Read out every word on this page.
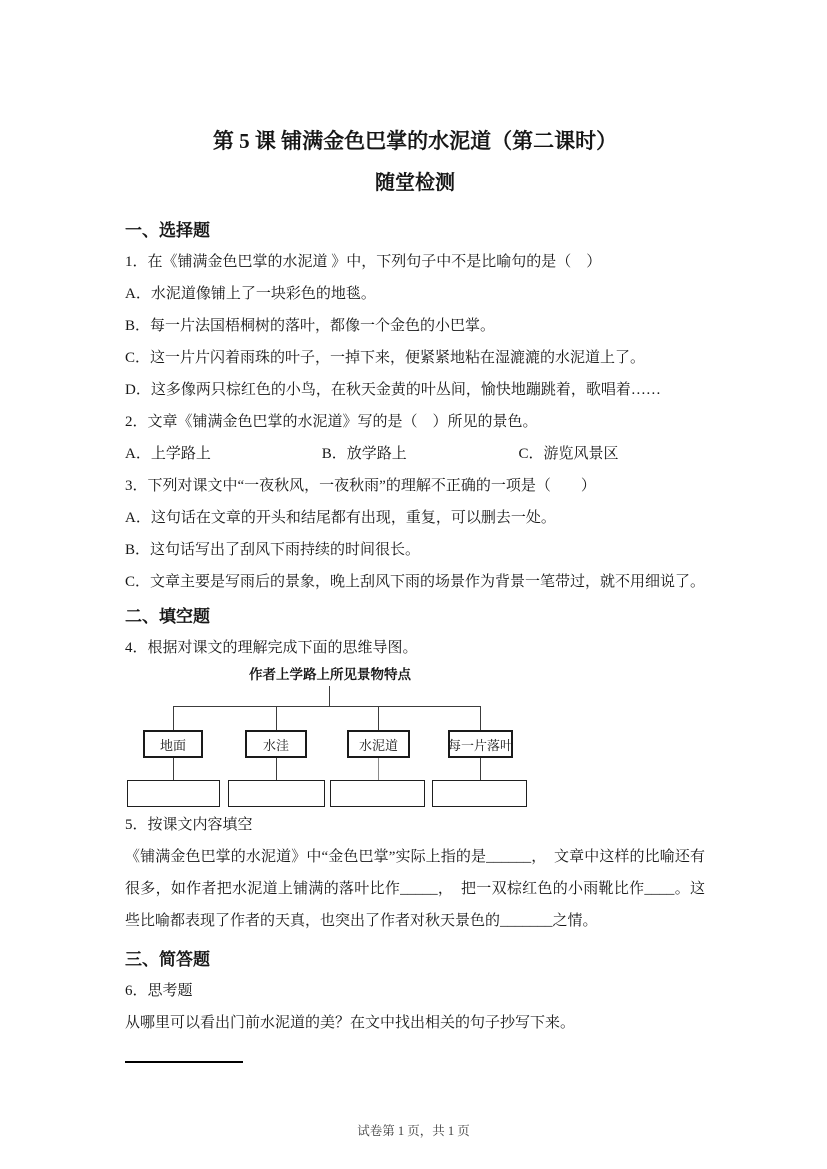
第 5 课 铺满金色巴掌的水泥道（第二课时）
随堂检测
一、选择题

1．在《铺满金色巴掌的水泥道 》中，下列句子中不是比喻句的是（　）

A．水泥道像铺上了一块彩色的地毯。

B．每一片法国梧桐树的落叶，都像一个金色的小巴掌。

C．这一片片闪着雨珠的叶子，一掉下来，便紧紧地粘在湿漉漉的水泥道上了。

D．这多像两只棕红色的小鸟，在秋天金黄的叶丛间，愉快地蹦跳着，歌唱着……

2．文章《铺满金色巴掌的水泥道》写的是（　）所见的景色。

A．上学路上	B．放学路上	C．游览风景区

3．下列对课文中“一夜秋风，一夜秋雨”的理解不正确的一项是（　　）

A．这句话在文章的开头和结尾都有出现，重复，可以删去一处。

B．这句话写出了刮风下雨持续的时间很长。

C．文章主要是写雨后的景象，晚上刮风下雨的场景作为背景一笔带过，就不用细说了。

二、填空题

4．根据对课文的理解完成下面的思维导图。

作者上学路上所见景物特点
地面	水洼	水泥道	每一片落叶

5．按课文内容填空

《铺满金色巴掌的水泥道》中“金色巴掌”实际上指的是______，　文章中这样的比喻还有很多，如作者把水泥道上铺满的落叶比作_____，　把一双棕红色的小雨靴比作____。这些比喻都表现了作者的天真，也突出了作者对秋天景色的_______之情。

三、简答题

6．思考题

从哪里可以看出门前水泥道的美？在文中找出相关的句子抄写下来。

试卷第 1 页，共 1 页
